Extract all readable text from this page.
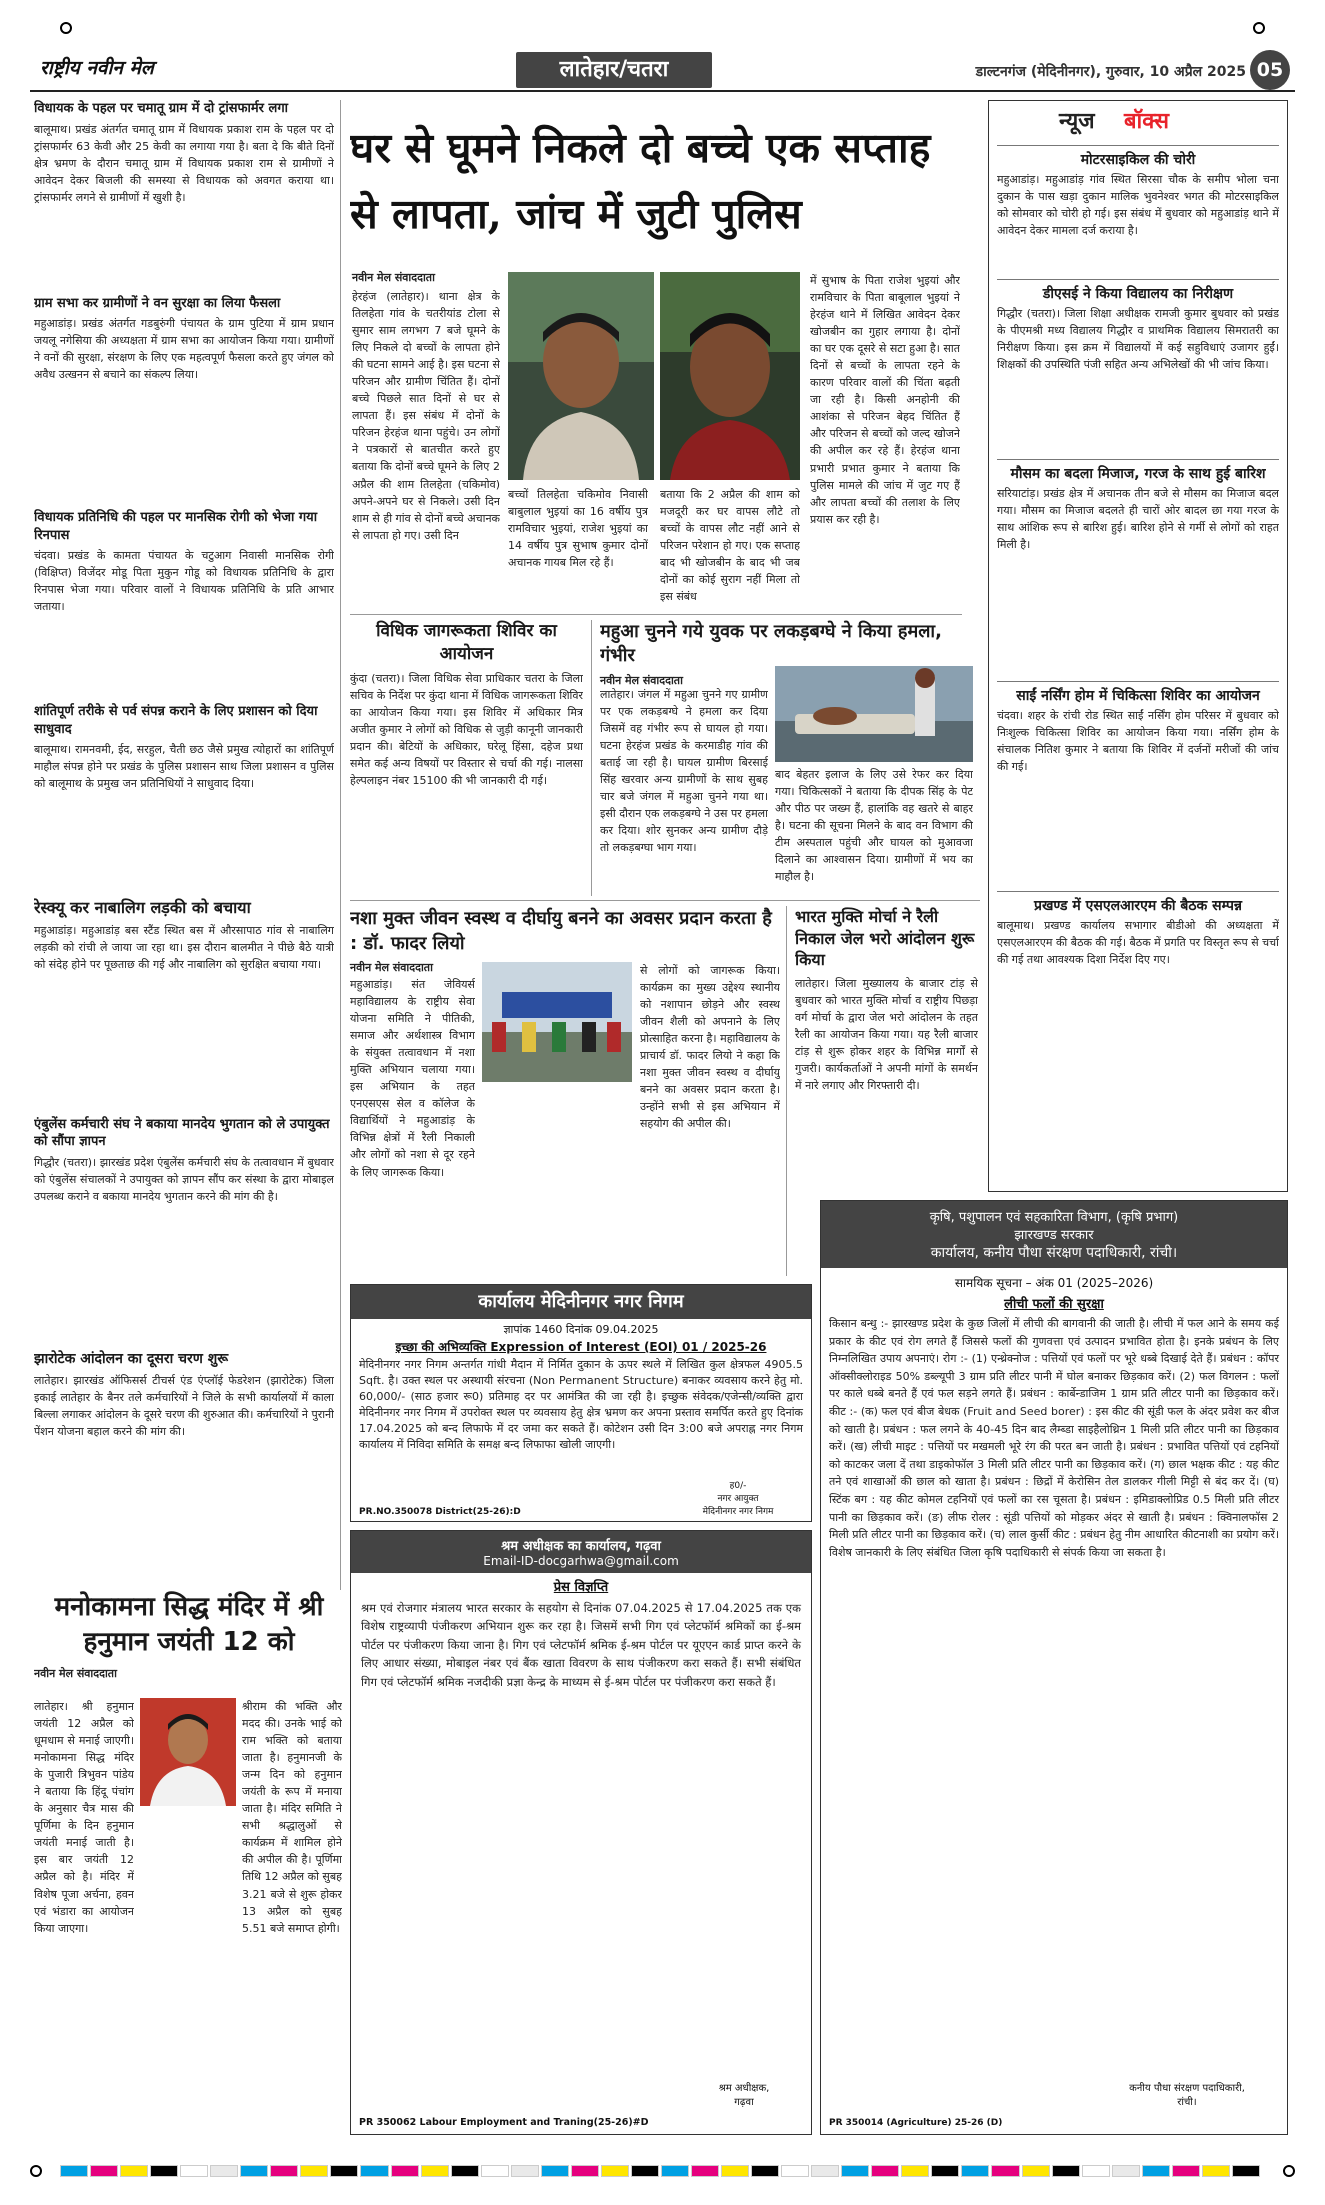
राष्ट्रीय नवीन मेल	लातेहार/चतरा	डाल्टनगंज (मेदिनीनगर), गुरुवार, 10 अप्रैल 2025 05
विधायक के पहल पर चमातू ग्राम में दो ट्रांसफार्मर लगा
बालूमाथ। प्रखंड अंतर्गत चमातू ग्राम में विधायक प्रकाश राम के पहल पर दो ट्रांसफार्मर 63 केवी और 25 केवी का लगाया गया है। बता दे कि बीते दिनों क्षेत्र भ्रमण के दौरान चमातू ग्राम में विधायक प्रकाश राम से ग्रामीणों ने आवेदन देकर बिजली की समस्या से विधायक को अवगत कराया था। ट्रांसफार्मर लगने से ग्रामीणों में खुशी है।
ग्राम सभा कर ग्रामीणों ने वन सुरक्षा का लिया फैसला
महुआडांड़। प्रखंड अंतर्गत गडबुरुंगी पंचायत के ग्राम पुटिया में ग्राम प्रधान जयलू नगेसिया की अध्यक्षता में ग्राम सभा का आयोजन किया गया। ग्रामीणों ने वनों की सुरक्षा, संरक्षण के लिए एक महत्वपूर्ण फैसला करते हुए जंगल को अवैध उत्खनन से बचाने का संकल्प लिया।
विधायक प्रतिनिधि की पहल पर मानसिक रोगी को भेजा गया रिनपास
चंदवा। प्रखंड के कामता पंचायत के चटुआग निवासी मानसिक रोगी (विक्षिप्त) विजेंदर मोडू पिता मुकुन गोडू को विधायक प्रतिनिधि के द्वारा रिनपास भेजा गया। परिवार वालों ने विधायक प्रतिनिधि के प्रति आभार जताया।
शांतिपूर्ण तरीके से पर्व संपन्न कराने के लिए प्रशासन को दिया साधुवाद
बालूमाथ। रामनवमी, ईद, सरहुल, चैती छठ जैसे प्रमुख त्योहारों का शांतिपूर्ण माहौल संपन्न होने पर प्रखंड के पुलिस प्रशासन साथ जिला प्रशासन व पुलिस को बालूमाथ के प्रमुख जन प्रतिनिधियों ने साधुवाद दिया।
रेस्क्यू कर नाबालिग लड़की को बचाया
महुआडांड़। महुआडांड़ बस स्टैंड स्थित बस में औरसापाठ गांव से नाबालिग लड़की को रांची ले जाया जा रहा था। इस दौरान बालमीत ने पीछे बैठे यात्री को संदेह होने पर पूछताछ की गई और नाबालिग को सुरक्षित बचाया गया।
एंबुलेंस कर्मचारी संघ ने बकाया मानदेय भुगतान को ले उपायुक्त को सौंपा ज्ञापन
गिद्धौर (चतरा)। झारखंड प्रदेश एंबुलेंस कर्मचारी संघ के तत्वावधान में बुधवार को एंबुलेंस संचालकों ने उपायुक्त को ज्ञापन सौंप कर संस्था के द्वारा मोबाइल उपलब्ध कराने व बकाया मानदेय भुगतान करने की मांग की है।
झारोटेक आंदोलन का दूसरा चरण शुरू
लातेहार। झारखंड ऑफिसर्स टीचर्स एंड एंप्लॉई फेडरेशन (झारोटेक) जिला इकाई लातेहार के बैनर तले कर्मचारियों ने जिले के सभी कार्यालयों में काला बिल्ला लगाकर आंदोलन के दूसरे चरण की शुरुआत की। कर्मचारियों ने पुरानी पेंशन योजना बहाल करने की मांग की।
घर से घूमने निकले दो बच्चे एक सप्ताह से लापता, जांच में जुटी पुलिस
नवीन मेल संवाददाता
हेरहंज (लातेहार)। थाना क्षेत्र के तिलहेता गांव के चतरीयांड टोला से सुमार साम लगभग 7 बजे घूमने के लिए निकले दो बच्चों के लापता होने की घटना सामने आई है। इस घटना से परिजन और ग्रामीण चिंतित हैं। दोनों बच्चे पिछले सात दिनों से घर से लापता हैं। इस संबंध में दोनों के परिजन हेरहंज थाना पहुंचे। उन लोगों ने पत्रकारों से बातचीत करते हुए बताया कि दोनों बच्चे घूमने के लिए 2 अप्रैल की शाम तिलहेता (चकिमोव) अपने-अपने घर से निकले। उसी दिन शाम से ही गांव से दोनों बच्चे अचानक से लापता हो गए। उसी दिन
बच्चों तिलहेता चकिमोव निवासी बाबुलाल भुइयां का 16 वर्षीय पुत्र रामविचार भुइयां, राजेश भुइयां का 14 वर्षीय पुत्र सुभाष कुमार दोनों अचानक गायब मिल रहे हैं।
बताया कि 2 अप्रैल की शाम को मजदूरी कर घर वापस लौटे तो बच्चों के वापस लौट नहीं आने से परिजन परेशान हो गए। एक सप्ताह बाद भी खोजबीन के बाद भी जब दोनों का कोई सुराग नहीं मिला तो इस संबंध
में सुभाष के पिता राजेश भुइयां और रामविचार के पिता बाबूलाल भुइयां ने हेरहंज थाने में लिखित आवेदन देकर खोजबीन का गुहार लगाया है। दोनों का घर एक दूसरे से सटा हुआ है। सात दिनों से बच्चों के लापता रहने के कारण परिवार वालों की चिंता बढ़ती जा रही है। किसी अनहोनी की आशंका से परिजन बेहद चिंतित हैं और परिजन से बच्चों को जल्द खोजने की अपील कर रहे हैं। हेरहंज थाना प्रभारी प्रभात कुमार ने बताया कि पुलिस मामले की जांच में जुट गए हैं और लापता बच्चों की तलाश के लिए प्रयास कर रही है।
न्यूज बॉक्स
मोटरसाइकिल की चोरी
महुआडांड़। महुआडांड़ गांव स्थित सिरसा चौक के समीप भोला चना दुकान के पास खड़ा दुकान मालिक भुवनेश्वर भगत की मोटरसाइकिल को सोमवार को चोरी हो गई। इस संबंध में बुधवार को महुआडांड़ थाने में आवेदन देकर मामला दर्ज कराया है।
डीएसई ने किया विद्यालय का निरीक्षण
गिद्धौर (चतरा)। जिला शिक्षा अधीक्षक रामजी कुमार बुधवार को प्रखंड के पीएमश्री मध्य विद्यालय गिद्धौर व प्राथमिक विद्यालय सिमरातरी का निरीक्षण किया। इस क्रम में विद्यालयों में कई सहुविधाएं उजागर हुईं। शिक्षकों की उपस्थिति पंजी सहित अन्य अभिलेखों की भी जांच किया।
मौसम का बदला मिजाज, गरज के साथ हुई बारिश
सरियाटांड़। प्रखंड क्षेत्र में अचानक तीन बजे से मौसम का मिजाज बदल गया। मौसम का मिजाज बदलते ही चारों ओर बादल छा गया गरज के साथ आंशिक रूप से बारिश हुई। बारिश होने से गर्मी से लोगों को राहत मिली है।
साईं नर्सिंग होम में चिकित्सा शिविर का आयोजन
चंदवा। शहर के रांची रोड स्थित साईं नर्सिंग होम परिसर में बुधवार को निःशुल्क चिकित्सा शिविर का आयोजन किया गया। नर्सिंग होम के संचालक नितिश कुमार ने बताया कि शिविर में दर्जनों मरीजों की जांच की गई।
प्रखण्ड में एसएलआरएम की बैठक सम्पन्न
बालूमाथ। प्रखण्ड कार्यालय सभागार बीडीओ की अध्यक्षता में एसएलआरएम की बैठक की गई। बैठक में प्रगति पर विस्तृत रूप से चर्चा की गई तथा आवश्यक दिशा निर्देश दिए गए।
विधिक जागरूकता शिविर का आयोजन
कुंदा (चतरा)। जिला विधिक सेवा प्राधिकार चतरा के जिला सचिव के निर्देश पर कुंदा थाना में विधिक जागरूकता शिविर का आयोजन किया गया। इस शिविर में अधिकार मित्र अजीत कुमार ने लोगों को विधिक से जुड़ी कानूनी जानकारी प्रदान की। बेटियों के अधिकार, घरेलू हिंसा, दहेज प्रथा समेत कई अन्य विषयों पर विस्तार से चर्चा की गई। नालसा हेल्पलाइन नंबर 15100 की भी जानकारी दी गई।
महुआ चुनने गये युवक पर लकड़बग्घे ने किया हमला, गंभीर
नवीन मेल संवाददाता
लातेहार। जंगल में महुआ चुनने गए ग्रामीण पर एक लकड़बग्घे ने हमला कर दिया जिसमें वह गंभीर रूप से घायल हो गया। घटना हेरहंज प्रखंड के करमाडीह गांव की बताई जा रही है। घायल ग्रामीण बिरसाई सिंह खरवार अन्य ग्रामीणों के साथ सुबह चार बजे जंगल में महुआ चुनने गया था। इसी दौरान एक लकड़बग्घे ने उस पर हमला कर दिया। शोर सुनकर अन्य ग्रामीण दौड़े तो लकड़बग्घा भाग गया।
बाद बेहतर इलाज के लिए उसे रेफर कर दिया गया। चिकित्सकों ने बताया कि दीपक सिंह के पेट और पीठ पर जख्म हैं, हालांकि वह खतरे से बाहर है। घटना की सूचना मिलने के बाद वन विभाग की टीम अस्पताल पहुंची और घायल को मुआवजा दिलाने का आश्वासन दिया। ग्रामीणों में भय का माहौल है।
नशा मुक्त जीवन स्वस्थ व दीर्घायु बनने का अवसर प्रदान करता है : डॉ. फादर लियो
नवीन मेल संवाददाता
महुआडांड़। संत जेवियर्स महाविद्यालय के राष्ट्रीय सेवा योजना समिति ने पीतिकी, समाज और अर्थशास्त्र विभाग के संयुक्त तत्वावधान में नशा मुक्ति अभियान चलाया गया। इस अभियान के तहत एनएसएस सेल व कॉलेज के विद्यार्थियों ने महुआडांड़ के विभिन्न क्षेत्रों में रैली निकाली और लोगों को नशा से दूर रहने के लिए जागरूक किया।
से लोगों को जागरूक किया। कार्यक्रम का मुख्य उद्देश्य स्थानीय को नशापान छोड़ने और स्वस्थ जीवन शैली को अपनाने के लिए प्रोत्साहित करना है। महाविद्यालय के प्राचार्य डॉ. फादर लियो ने कहा कि नशा मुक्त जीवन स्वस्थ व दीर्घायु बनने का अवसर प्रदान करता है। उन्होंने सभी से इस अभियान में सहयोग की अपील की।
भारत मुक्ति मोर्चा ने रैली निकाल जेल भरो आंदोलन शुरू किया
लातेहार। जिला मुख्यालय के बाजार टांड़ से बुधवार को भारत मुक्ति मोर्चा व राष्ट्रीय पिछड़ा वर्ग मोर्चा के द्वारा जेल भरो आंदोलन के तहत रैली का आयोजन किया गया। यह रैली बाजार टांड़ से शुरू होकर शहर के विभिन्न मार्गों से गुजरी। कार्यकर्ताओं ने अपनी मांगों के समर्थन में नारे लगाए और गिरफ्तारी दी।
कार्यालय मेदिनीनगर नगर निगम
ज्ञापांक 1460 दिनांक 09.04.2025
इच्छा की अभिव्यक्ति Expression of Interest (EOI) 01 / 2025-26
मेदिनीनगर नगर निगम अन्तर्गत गांधी मैदान में निर्मित दुकान के ऊपर स्थले में लिखित कुल क्षेत्रफल 4905.5 Sqft. है। उक्त स्थल पर अस्थायी संरचना (Non Permanent Structure) बनाकर व्यवसाय करने हेतु मो. 60,000/- (साठ हजार रू0) प्रतिमाह दर पर आमंत्रित की जा रही है। इच्छुक संवेदक/एजेन्सी/व्यक्ति द्वारा मेदिनीनगर नगर निगम में उपरोक्त स्थल पर व्यवसाय हेतु क्षेत्र भ्रमण कर अपना प्रस्ताव समर्पित करते हुए दिनांक 17.04.2025 को बन्द लिफाफे में दर जमा कर सकते हैं। कोटेशन उसी दिन 3:00 बजे अपराह्न नगर निगम कार्यालय में निविदा समिति के समक्ष बन्द लिफाफा खोली जाएगी।
PR.NO.350078 District(25-26):D
ह0/-
नगर आयुक्त
मेदिनीनगर नगर निगम
कृषि, पशुपालन एवं सहकारिता विभाग, (कृषि प्रभाग)
झारखण्ड सरकार
कार्यालय, कनीय पौधा संरक्षण पदाधिकारी, रांची।
सामयिक सूचना – अंक 01 (2025–2026)
लीची फलों की सुरक्षा
किसान बन्धु :- झारखण्ड प्रदेश के कुछ जिलों में लीची की बागवानी की जाती है। लीची में फल आने के समय कई प्रकार के कीट एवं रोग लगते हैं जिससे फलों की गुणवत्ता एवं उत्पादन प्रभावित होता है। इनके प्रबंधन के लिए निम्नलिखित उपाय अपनाएं। रोग :- (1) एन्थ्रेक्नोज : पत्तियों एवं फलों पर भूरे धब्बे दिखाई देते हैं। प्रबंधन : कॉपर ऑक्सीक्लोराइड 50% डब्ल्यूपी 3 ग्राम प्रति लीटर पानी में घोल बनाकर छिड़काव करें। (2) फल विगलन : फलों पर काले धब्बे बनते हैं एवं फल सड़ने लगते हैं। प्रबंधन : कार्बेन्डाजिम 1 ग्राम प्रति लीटर पानी का छिड़काव करें। कीट :- (क) फल एवं बीज बेधक (Fruit and Seed borer) : इस कीट की सूंडी फल के अंदर प्रवेश कर बीज को खाती है। प्रबंधन : फल लगने के 40-45 दिन बाद लैम्ब्डा साइहैलोथ्रिन 1 मिली प्रति लीटर पानी का छिड़काव करें। (ख) लीची माइट : पत्तियों पर मखमली भूरे रंग की परत बन जाती है। प्रबंधन : प्रभावित पत्तियों एवं टहनियों को काटकर जला दें तथा डाइकोफॉल 3 मिली प्रति लीटर पानी का छिड़काव करें। (ग) छाल भक्षक कीट : यह कीट तने एवं शाखाओं की छाल को खाता है। प्रबंधन : छिद्रों में केरोसिन तेल डालकर गीली मिट्टी से बंद कर दें। (घ) स्टिंक बग : यह कीट कोमल टहनियों एवं फलों का रस चूसता है। प्रबंधन : इमिडाक्लोप्रिड 0.5 मिली प्रति लीटर पानी का छिड़काव करें। (ङ) लीफ रोलर : सूंडी पत्तियों को मोड़कर अंदर से खाती है। प्रबंधन : क्विनालफॉस 2 मिली प्रति लीटर पानी का छिड़काव करें। (च) लाल कुर्सी कीट : प्रबंधन हेतु नीम आधारित कीटनाशी का प्रयोग करें। विशेष जानकारी के लिए संबंधित जिला कृषि पदाधिकारी से संपर्क किया जा सकता है।
कनीय पौधा संरक्षण पदाधिकारी,
रांची।
PR 350014 (Agriculture) 25-26 (D)
मनोकामना सिद्ध मंदिर में श्री हनुमान जयंती 12 को
नवीन मेल संवाददाता
लातेहार। श्री हनुमान जयंती 12 अप्रैल को धूमधाम से मनाई जाएगी। मनोकामना सिद्ध मंदिर के पुजारी त्रिभुवन पांडेय ने बताया कि हिंदू पंचांग के अनुसार चैत्र मास की पूर्णिमा के दिन हनुमान जयंती मनाई जाती है। इस बार जयंती 12 अप्रैल को है। मंदिर में विशेष पूजा अर्चना, हवन एवं भंडारा का आयोजन किया जाएगा।
श्रीराम की भक्ति और मदद की। उनके भाई को राम भक्ति को बताया जाता है। हनुमानजी के जन्म दिन को हनुमान जयंती के रूप में मनाया जाता है। मंदिर समिति ने सभी श्रद्धालुओं से कार्यक्रम में शामिल होने की अपील की है। पूर्णिमा तिथि 12 अप्रैल को सुबह 3.21 बजे से शुरू होकर 13 अप्रैल को सुबह 5.51 बजे समाप्त होगी।
श्रम अधीक्षक का कार्यालय, गढ़वा
Email-ID-docgarhwa@gmail.com
प्रेस विज्ञप्ति
श्रम एवं रोजगार मंत्रालय भारत सरकार के सहयोग से दिनांक 07.04.2025 से 17.04.2025 तक एक विशेष राष्ट्रव्यापी पंजीकरण अभियान शुरू कर रहा है। जिसमें सभी गिग एवं प्लेटफॉर्म श्रमिकों का ई-श्रम पोर्टल पर पंजीकरण किया जाना है। गिग एवं प्लेटफॉर्म श्रमिक ई-श्रम पोर्टल पर यूएएन कार्ड प्राप्त करने के लिए आधार संख्या, मोबाइल नंबर एवं बैंक खाता विवरण के साथ पंजीकरण करा सकते हैं। सभी संबंधित गिग एवं प्लेटफॉर्म श्रमिक नजदीकी प्रज्ञा केन्द्र के माध्यम से ई-श्रम पोर्टल पर पंजीकरण करा सकते हैं।
श्रम अधीक्षक,
गढ़वा
PR 350062 Labour Employment and Traning(25-26)#D
